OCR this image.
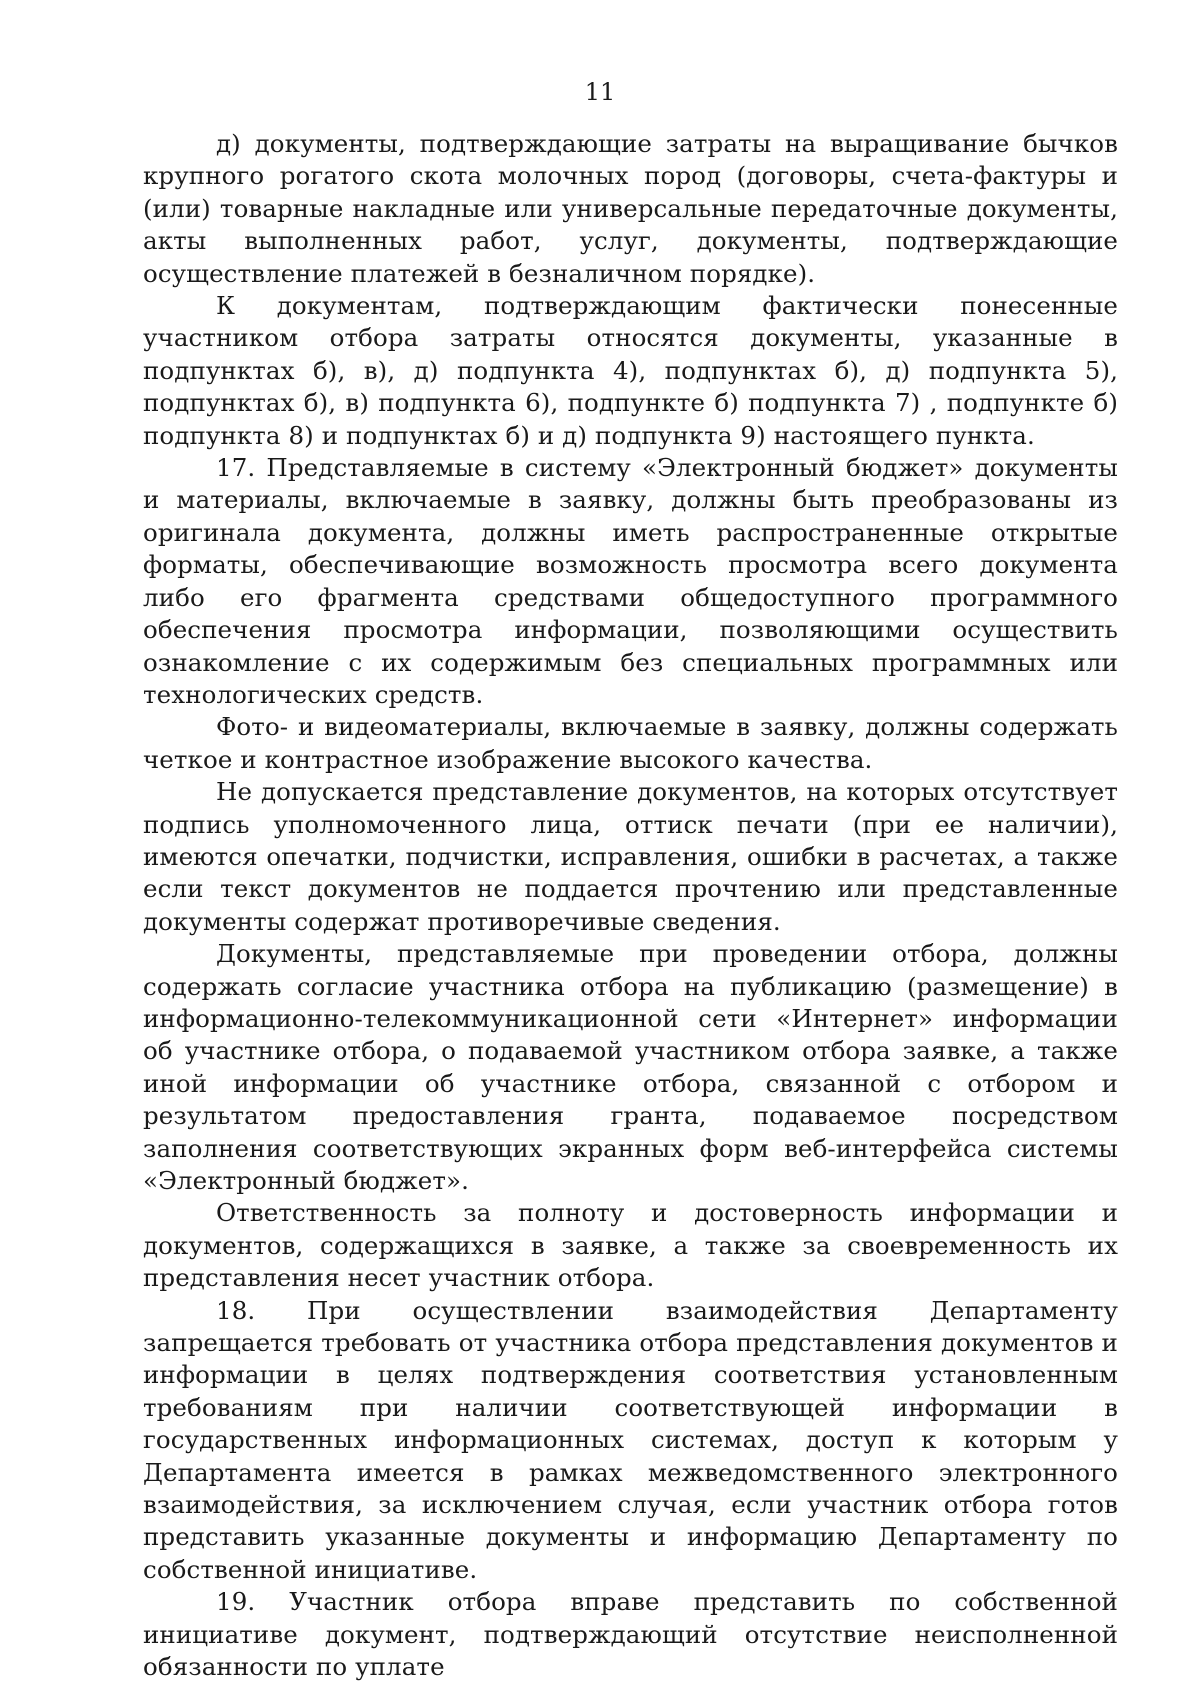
11

д) документы, подтверждающие затраты на выращивание бычков крупного рогатого скота молочных пород (договоры, счета-фактуры и (или) товарные накладные или универсальные передаточные документы, акты выполненных работ, услуг, документы, подтверждающие осуществление платежей в безналичном порядке).

К документам, подтверждающим фактически понесенные участником отбора затраты относятся документы, указанные в подпунктах б), в), д) подпункта 4), подпунктах б), д) подпункта 5), подпунктах б), в) подпункта 6), подпункте б) подпункта 7) , подпункте б) подпункта 8) и подпунктах б) и д) подпункта 9) настоящего пункта.

17. Представляемые в систему «Электронный бюджет» документы и материалы, включаемые в заявку, должны быть преобразованы из оригинала документа, должны иметь распространенные открытые форматы, обеспечивающие возможность просмотра всего документа либо его фрагмента средствами общедоступного программного обеспечения просмотра информации, позволяющими осуществить ознакомление с их содержимым без специальных программных или технологических средств.

Фото- и видеоматериалы, включаемые в заявку, должны содержать четкое и контрастное изображение высокого качества.

Не допускается представление документов, на которых отсутствует подпись уполномоченного лица, оттиск печати (при ее наличии), имеются опечатки, подчистки, исправления, ошибки в расчетах, а также если текст документов не поддается прочтению или представленные документы содержат противоречивые сведения.

Документы, представляемые при проведении отбора, должны содержать согласие участника отбора на публикацию (размещение) в информационно-телекоммуникационной сети «Интернет» информации об участнике отбора, о подаваемой участником отбора заявке, а также иной информации об участнике отбора, связанной с отбором и результатом предоставления гранта, подаваемое посредством заполнения соответствующих экранных форм веб-интерфейса системы «Электронный бюджет».

Ответственность за полноту и достоверность информации и документов, содержащихся в заявке, а также за своевременность их представления несет участник отбора.

18. При осуществлении взаимодействия Департаменту запрещается требовать от участника отбора представления документов и информации в целях подтверждения соответствия установленным требованиям при наличии соответствующей информации в государственных информационных системах, доступ к которым у Департамента имеется в рамках межведомственного электронного взаимодействия, за исключением случая, если участник отбора готов представить указанные документы и информацию Департаменту по собственной инициативе.

19. Участник отбора вправе представить по собственной инициативе документ, подтверждающий отсутствие неисполненной обязанности по уплате
